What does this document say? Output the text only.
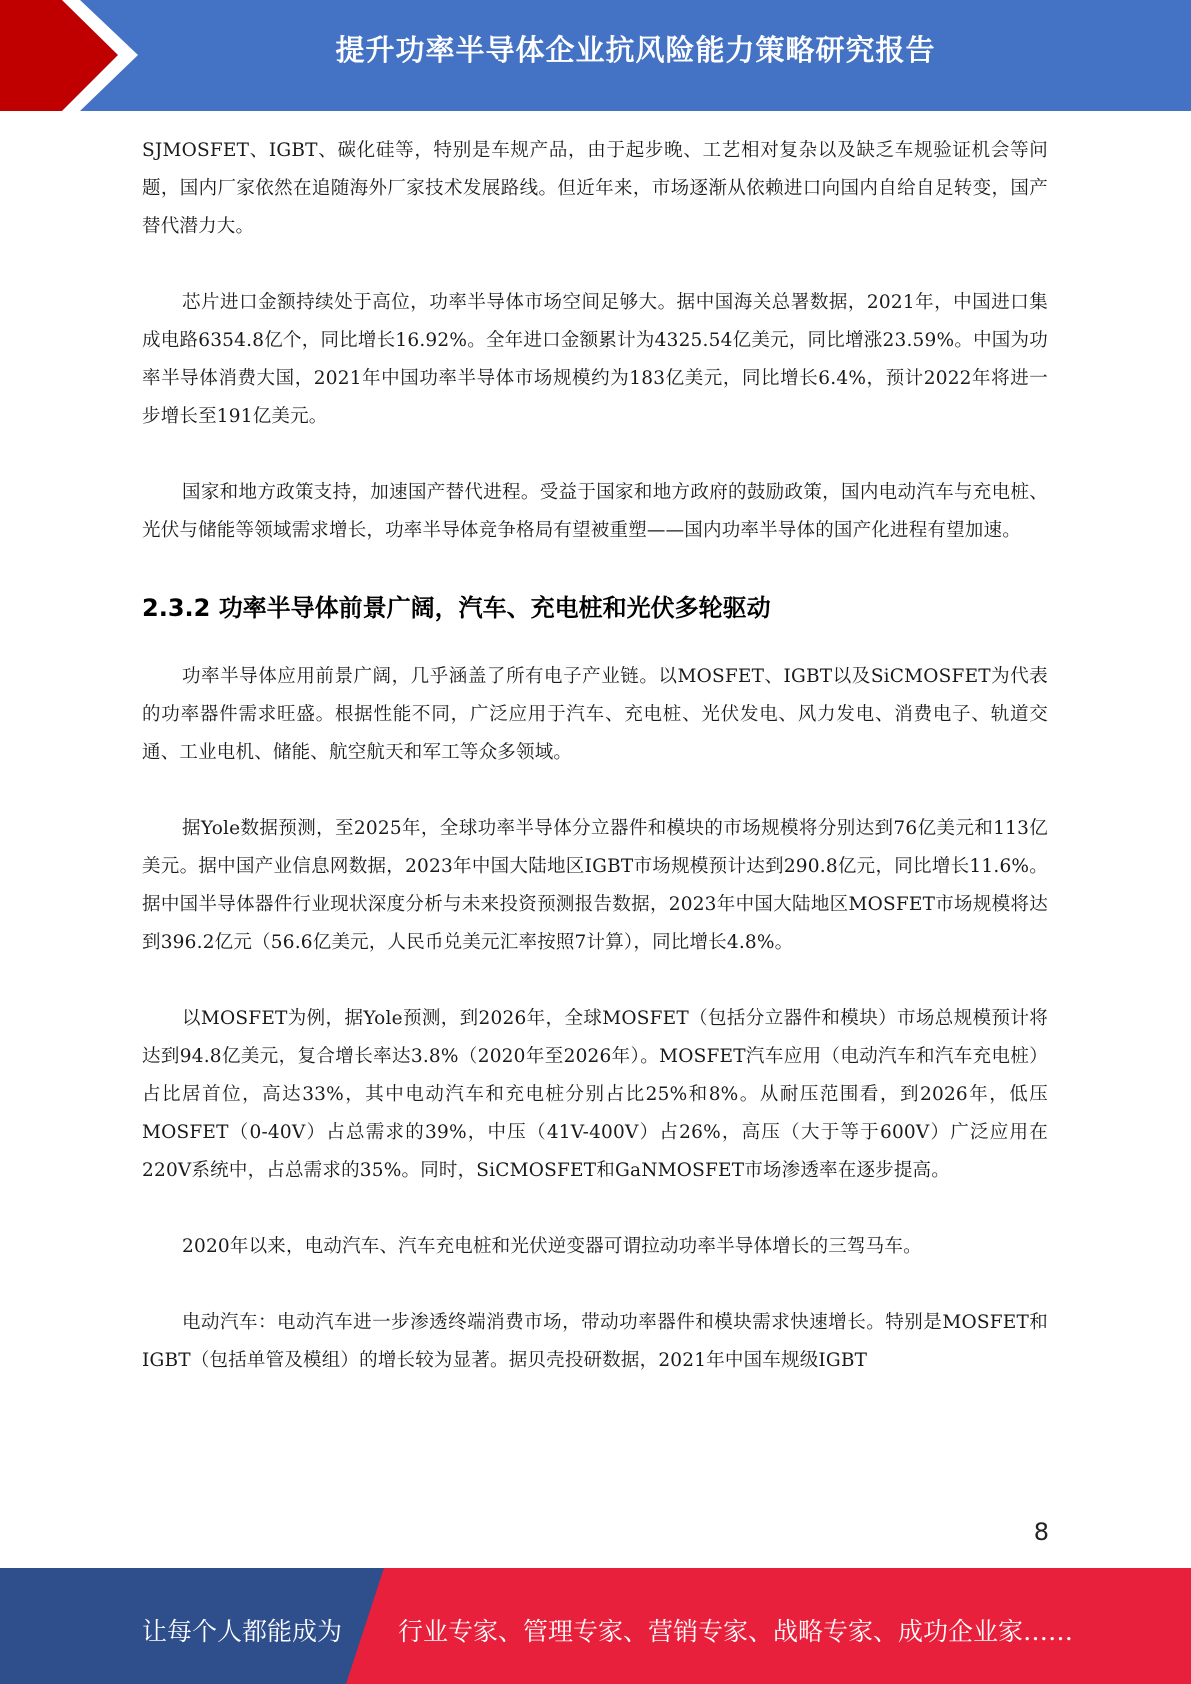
提升功率半导体企业抗风险能力策略研究报告

SJMOSFET、IGBT、碳化硅等，特别是车规产品，由于起步晚、工艺相对复杂以及缺乏车规验证机会等问题，国内厂家依然在追随海外厂家技术发展路线。但近年来，市场逐渐从依赖进口向国内自给自足转变，国产替代潜力大。

芯片进口金额持续处于高位，功率半导体市场空间足够大。据中国海关总署数据，2021年，中国进口集成电路6354.8亿个，同比增长16.92%。全年进口金额累计为4325.54亿美元，同比增涨23.59%。中国为功率半导体消费大国，2021年中国功率半导体市场规模约为183亿美元，同比增长6.4%，预计2022年将进一步增长至191亿美元。

国家和地方政策支持，加速国产替代进程。受益于国家和地方政府的鼓励政策，国内电动汽车与充电桩、光伏与储能等领域需求增长，功率半导体竞争格局有望被重塑——国内功率半导体的国产化进程有望加速。

2.3.2 功率半导体前景广阔，汽车、充电桩和光伏多轮驱动

功率半导体应用前景广阔，几乎涵盖了所有电子产业链。以MOSFET、IGBT以及SiCMOSFET为代表的功率器件需求旺盛。根据性能不同，广泛应用于汽车、充电桩、光伏发电、风力发电、消费电子、轨道交通、工业电机、储能、航空航天和军工等众多领域。

据Yole数据预测，至2025年，全球功率半导体分立器件和模块的市场规模将分别达到76亿美元和113亿美元。据中国产业信息网数据，2023年中国大陆地区IGBT市场规模预计达到290.8亿元，同比增长11.6%。据中国半导体器件行业现状深度分析与未来投资预测报告数据，2023年中国大陆地区MOSFET市场规模将达到396.2亿元（56.6亿美元，人民币兑美元汇率按照7计算），同比增长4.8%。

以MOSFET为例，据Yole预测，到2026年，全球MOSFET（包括分立器件和模块）市场总规模预计将达到94.8亿美元，复合增长率达3.8%（2020年至2026年）。MOSFET汽车应用（电动汽车和汽车充电桩）占比居首位，高达33%，其中电动汽车和充电桩分别占比25%和8%。从耐压范围看，到2026年，低压MOSFET（0-40V）占总需求的39%，中压（41V-400V）占26%，高压（大于等于600V）广泛应用在220V系统中，占总需求的35%。同时，SiCMOSFET和GaNMOSFET市场渗透率在逐步提高。

2020年以来，电动汽车、汽车充电桩和光伏逆变器可谓拉动功率半导体增长的三驾马车。

电动汽车：电动汽车进一步渗透终端消费市场，带动功率器件和模块需求快速增长。特别是MOSFET和IGBT（包括单管及模组）的增长较为显著。据贝壳投研数据，2021年中国车规级IGBT

8
让每个人都能成为 行业专家、管理专家、营销专家、战略专家、成功企业家……
